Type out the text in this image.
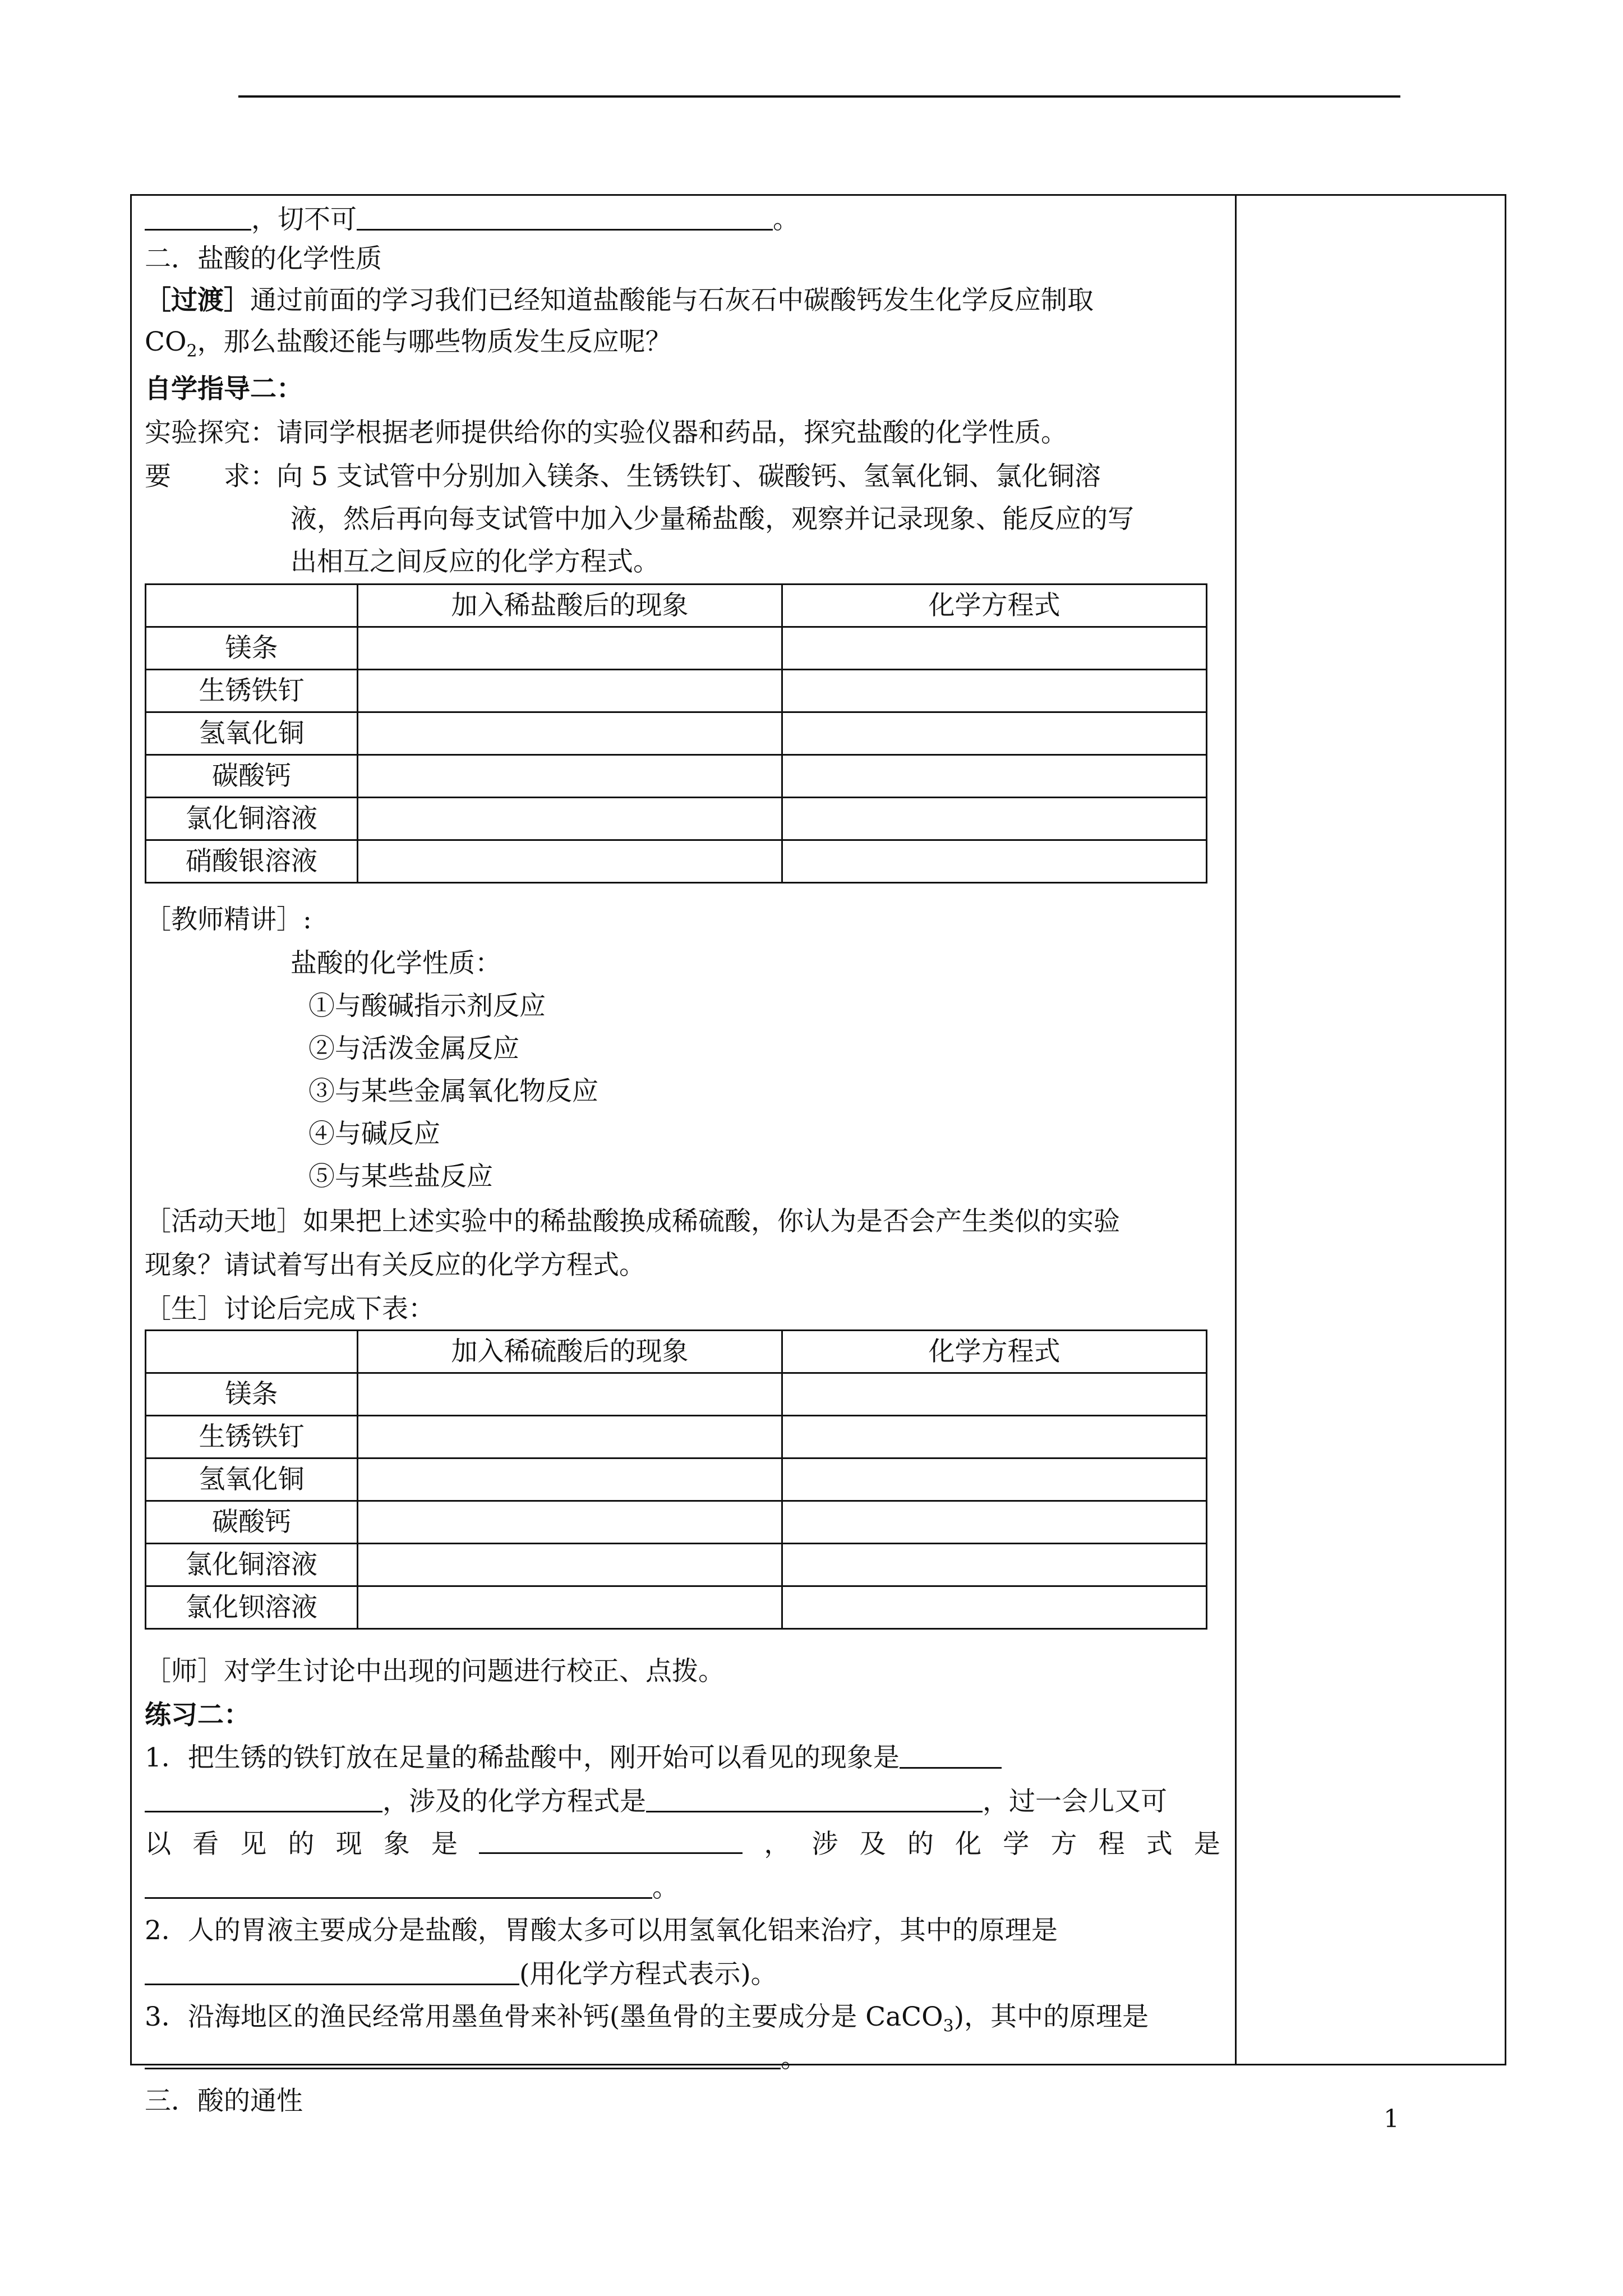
，切不可	。
二．盐酸的化学性质
［过渡］通过前面的学习我们已经知道盐酸能与石灰石中碳酸钙发生化学反应制取
$CO_2$，那么盐酸还能与哪些物质发生反应呢？
自学指导二：
实验探究：请同学根据老师提供给你的实验仪器和药品，探究盐酸的化学性质。
要　　求：向 5 支试管中分别加入镁条、生锈铁钉、碳酸钙、氢氧化铜、氯化铜溶
液，然后再向每支试管中加入少量稀盐酸，观察并记录现象、能反应的写
出相互之间反应的化学方程式。
	加入稀盐酸后的现象	化学方程式
镁条		
生锈铁钉		
氢氧化铜		
碳酸钙		
氯化铜溶液		
硝酸银溶液		
［教师精讲］:
盐酸的化学性质：
①与酸碱指示剂反应
②与活泼金属反应
③与某些金属氧化物反应
④与碱反应
⑤与某些盐反应
［活动天地］如果把上述实验中的稀盐酸换成稀硫酸，你认为是否会产生类似的实验
现象？请试着写出有关反应的化学方程式。
［生］讨论后完成下表：
	加入稀硫酸后的现象	化学方程式
镁条		
生锈铁钉		
氢氧化铜		
碳酸钙		
氯化铜溶液		
氯化钡溶液		
［师］对学生讨论中出现的问题进行校正、点拨。
练习二：
1．把生锈的铁钉放在足量的稀盐酸中，刚开始可以看见的现象是
，涉及的化学方程式是	，过一会儿又可
以 看 见 的 现 象 是	， 涉 及 的 化 学 方 程 式 是
。
2．人的胃液主要成分是盐酸，胃酸太多可以用氢氧化铝来治疗，其中的原理是
(用化学方程式表示)。
3．沿海地区的渔民经常用墨鱼骨来补钙(墨鱼骨的主要成分是 CaCO$_3$)，其中的原理是
。
三．酸的通性
1
